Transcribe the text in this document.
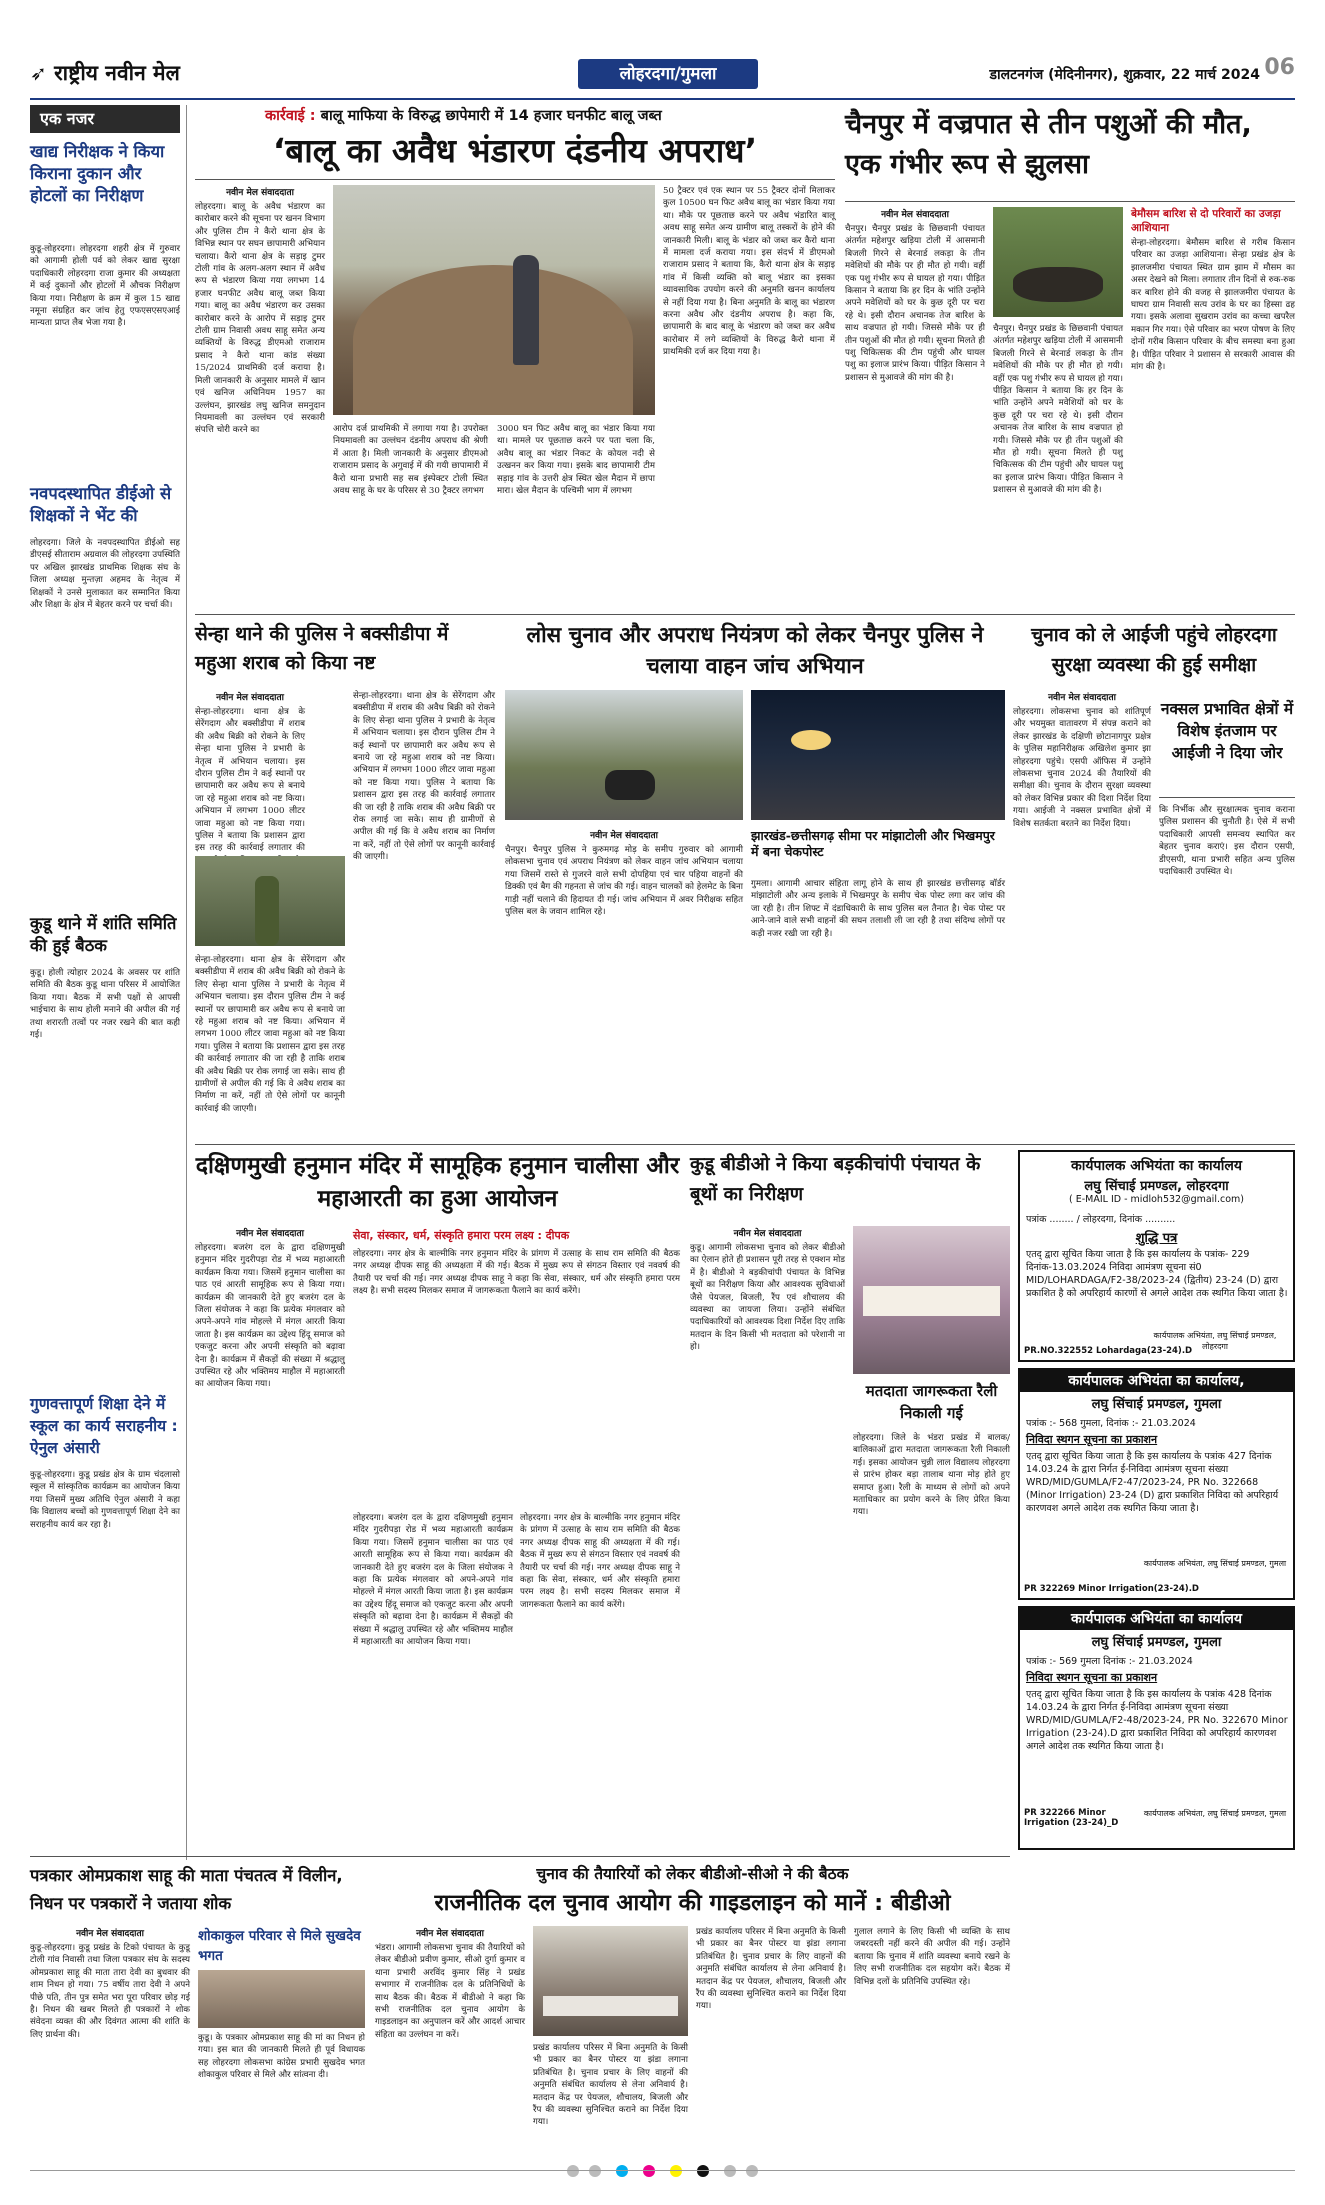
➶ राष्ट्रीय नवीन मेल	लोहरदगा/गुमला	डालटनगंज (मेदिनीनगर), शुक्रवार, 22 मार्च 2024 06
एक नजर
खाद्य निरीक्षक ने किया किराना दुकान और होटलों का निरीक्षण
कुडू-लोहरदगा। लोहरदगा शहरी क्षेत्र में गुरुवार को आगामी होली पर्व को लेकर खाद्य सुरक्षा पदाधिकारी लोहरदगा राजा कुमार की अध्यक्षता में कई दुकानों और होटलों में औचक निरीक्षण किया गया। निरीक्षण के क्रम में कुल 15 खाद्य नमूना संग्रहित कर जांच हेतु एफएसएसएआई मान्यता प्राप्त लैब भेजा गया है।
नवपदस्थापित डीईओ से शिक्षकों ने भेंट की
लोहरदगा। जिले के नवपदस्थापित डीईओ सह डीएसई सीताराम अग्रवाल की लोहरदगा उपस्थिति पर अखिल झारखंड प्राथमिक शिक्षक संघ के जिला अध्यक्ष मुन्तज़ा अहमद के नेतृत्व में शिक्षकों ने उनसे मुलाकात कर सम्मानित किया और शिक्षा के क्षेत्र में बेहतर करने पर चर्चा की।
कुडू थाने में शांति समिति की हुई बैठक
कुडू। होली त्योहार 2024 के अवसर पर शांति समिति की बैठक कुडू थाना परिसर में आयोजित किया गया। बैठक में सभी पक्षों से आपसी भाईचारा के साथ होली मनाने की अपील की गई तथा शरारती तत्वों पर नजर रखने की बात कही गई।
गुणवत्तापूर्ण शिक्षा देने में स्कूल का कार्य सराहनीय : ऐनुल अंसारी
कुडू-लोहरदगा। कुडू प्रखंड क्षेत्र के ग्राम चंदलासो स्कूल में सांस्कृतिक कार्यक्रम का आयोजन किया गया जिसमें मुख्य अतिथि ऐनुल अंसारी ने कहा कि विद्यालय बच्चों को गुणवत्तापूर्ण शिक्षा देने का सराहनीय कार्य कर रहा है।
कार्रवाई : बालू माफिया के विरुद्ध छापेमारी में 14 हजार घनफीट बालू जब्त
‘बालू का अवैध भंडारण दंडनीय अपराध’
नवीन मेल संवाददाता
लोहरदगा। बालू के अवैध भंडारण का कारोबार करने की सूचना पर खनन विभाग और पुलिस टीम ने कैरो थाना क्षेत्र के विभिन्न स्थान पर सघन छापामारी अभियान चलाया। कैरो थाना क्षेत्र के सड़ाइ टुमर टोली गांव के अलग-अलग स्थान में अवैध रूप से भंडारण किया गया लगभग 14 हजार घनफीट अवैध बालू जब्त किया गया। बालू का अवैध भंडारण कर उसका कारोबार करने के आरोप में सड़ाइ टुमर टोली ग्राम निवासी अवध साहू समेत अन्य व्यक्तियों के विरुद्ध डीएमओ राजाराम प्रसाद ने कैरो थाना कांड संख्या 15/2024 प्राथमिकी दर्ज कराया है। मिली जानकारी के अनुसार मामले में खान एवं खनिज अधिनियम 1957 का उल्लंघन, झारखंड लघु खनिज समनुदान नियमावली का उल्लंघन एवं सरकारी संपत्ति चोरी करने का	आरोप दर्ज प्राथमिकी में लगाया गया है। उपरोक्त नियमावली का उल्लंघन दंडनीय अपराध की श्रेणी में आता है। मिली जानकारी के अनुसार डीएमओ राजाराम प्रसाद के अगुवाई में की गयी छापामारी में कैरो थाना प्रभारी सह सब इंस्पेक्टर टोली स्थित अवध साहू के घर के परिसर से 30 ट्रैक्टर लगभग
3000 घन फिट अवैध बालू का भंडार किया गया था। मामले पर पूछताछ करने पर पता चला कि, अवैध बालू का भंडार निकट के कोयल नदी से उत्खनन कर किया गया। इसके बाद छापामारी टीम सड़ाइ गांव के उत्तरी क्षेत्र स्थित खेल मैदान में छापा मारा। खेल मैदान के पश्चिमी भाग में लगभग
50 ट्रैक्टर एवं एक स्थान पर 55 ट्रैक्टर दोनों मिलाकर कुल 10500 घन फिट अवैध बालू का भंडार किया गया था। मौके पर पूछताछ करने पर अवैध भंडारित बालू अवध साहू समेत अन्य ग्रामीण बालू तस्करों के होने की जानकारी मिली। बालू के भंडार को जब्त कर कैरो थाना में मामला दर्ज कराया गया। इस संदर्भ में डीएमओ राजाराम प्रसाद ने बताया कि, कैरो थाना क्षेत्र के सड़ाइ गांव में किसी व्यक्ति को बालू भंडार का इसका व्यावसायिक उपयोग करने की अनुमति खनन कार्यालय से नहीं दिया गया है। बिना अनुमति के बालू का भंडारण करना अवैध और दंडनीय अपराध है। कहा कि, छापामारी के बाद बालू के भंडारण को जब्त कर अवैध कारोबार में लगे व्यक्तियों के विरुद्ध कैरो थाना में प्राथमिकी दर्ज कर दिया गया है।
चैनपुर में वज्रपात से तीन पशुओं की मौत, एक गंभीर रूप से झुलसा
नवीन मेल संवाददाता
चैनपुर। चैनपुर प्रखंड के छिछवानी पंचायत अंतर्गत महेशपुर खड़िया टोली में आसमानी बिजली गिरने से बेरनार्ड लकड़ा के तीन मवेशियों की मौके पर ही मौत हो गयी। वहीं एक पशु गंभीर रूप से घायल हो गया। पीड़ित किसान ने बताया कि हर दिन के भांति उन्होंने अपने मवेशियों को घर के कुछ दूरी पर चरा रहे थे। इसी दौरान अचानक तेज बारिश के साथ वज्रपात हो गयी। जिससे मौके पर ही तीन पशुओं की मौत हो गयी। सूचना मिलते ही पशु चिकित्सक की टीम पहुंची और घायल पशु का इलाज प्रारंभ किया। पीड़ित किसान ने प्रशासन से मुआवजे की मांग की है।
चैनपुर। चैनपुर प्रखंड के छिछवानी पंचायत अंतर्गत महेशपुर खड़िया टोली में आसमानी बिजली गिरने से बेरनार्ड लकड़ा के तीन मवेशियों की मौके पर ही मौत हो गयी। वहीं एक पशु गंभीर रूप से घायल हो गया। पीड़ित किसान ने बताया कि हर दिन के भांति उन्होंने अपने मवेशियों को घर के कुछ दूरी पर चरा रहे थे। इसी दौरान अचानक तेज बारिश के साथ वज्रपात हो गयी। जिससे मौके पर ही तीन पशुओं की मौत हो गयी। सूचना मिलते ही पशु चिकित्सक की टीम पहुंची और घायल पशु का इलाज प्रारंभ किया। पीड़ित किसान ने प्रशासन से मुआवजे की मांग की है।
बेमौसम बारिश से दो परिवारों का उजड़ा आशियाना
सेन्हा-लोहरदगा। बेमौसम बारिश से गरीब किसान परिवार का उजड़ा आशियाना। सेन्हा प्रखंड क्षेत्र के झालजमीरा पंचायत स्थित ग्राम झाम में मौसम का असर देखने को मिला। लगातार तीन दिनों से रुक-रुक कर बारिश होने की वजह से झालजमीरा पंचायत के घाघरा ग्राम निवासी सत्य उरांव के घर का हिस्सा ढह गया। इसके अलावा सुखराम उरांव का कच्चा खपरैल मकान गिर गया। ऐसे परिवार का भरण पोषण के लिए दोनों गरीब किसान परिवार के बीच समस्या बना हुआ है। पीड़ित परिवार ने प्रशासन से सरकारी आवास की मांग की है।
सेन्हा थाने की पुलिस ने बक्सीडीपा में महुआ शराब को किया नष्ट
नवीन मेल संवाददाता
सेन्हा-लोहरदगा। थाना क्षेत्र के सेरेंगदाग और बक्सीडीपा में शराब की अवैध बिक्री को रोकने के लिए सेन्हा थाना पुलिस ने प्रभारी के नेतृत्व में अभियान चलाया। इस दौरान पुलिस टीम ने कई स्थानों पर छापामारी कर अवैध रूप से बनाये जा रहे महुआ शराब को नष्ट किया। अभियान में लगभग 1000 लीटर जावा महुआ को नष्ट किया गया। पुलिस ने बताया कि प्रशासन द्वारा इस तरह की कार्रवाई लगातार की
सेन्हा-लोहरदगा। थाना क्षेत्र के सेरेंगदाग और बक्सीडीपा में शराब की अवैध बिक्री को रोकने के लिए सेन्हा थाना पुलिस ने प्रभारी के नेतृत्व में अभियान चलाया। इस दौरान पुलिस टीम ने कई स्थानों पर छापामारी कर अवैध रूप से बनाये जा रहे महुआ शराब को नष्ट किया। अभियान में लगभग 1000 लीटर जावा महुआ को नष्ट किया गया। पुलिस ने बताया कि प्रशासन द्वारा इस तरह की कार्रवाई लगातार की जा रही है ताकि शराब की अवैध बिक्री पर रोक लगाई जा सके। साथ ही ग्रामीणों से अपील की गई कि वे अवैध शराब का निर्माण ना करें, नहीं तो ऐसे लोगों पर कानूनी कार्रवाई की जाएगी।
सेन्हा-लोहरदगा। थाना क्षेत्र के सेरेंगदाग और बक्सीडीपा में शराब की अवैध बिक्री को रोकने के लिए सेन्हा थाना पुलिस ने प्रभारी के नेतृत्व में अभियान चलाया। इस दौरान पुलिस टीम ने कई स्थानों पर छापामारी कर अवैध रूप से बनाये जा रहे महुआ शराब को नष्ट किया। अभियान में लगभग 1000 लीटर जावा महुआ को नष्ट किया गया। पुलिस ने बताया कि प्रशासन द्वारा इस तरह की कार्रवाई लगातार की जा रही है ताकि शराब की अवैध बिक्री पर रोक लगाई जा सके। साथ ही ग्रामीणों से अपील की गई कि वे अवैध शराब का निर्माण ना करें, नहीं तो ऐसे लोगों पर कानूनी कार्रवाई की जाएगी।
लोस चुनाव और अपराध नियंत्रण को लेकर चैनपुर पुलिस ने चलाया वाहन जांच अभियान
नवीन मेल संवाददाता
चैनपुर। चैनपुर पुलिस ने कुरुमगढ़ मोड़ के समीप गुरुवार को आगामी लोकसभा चुनाव एवं अपराध नियंत्रण को लेकर वाहन जांच अभियान चलाया गया जिसमें रास्ते से गुजरने वाले सभी दोपहिया एवं चार पहिया वाहनों की डिक्की एवं बैग की गहनता से जांच की गई। वाहन चालकों को हेलमेट के बिना गाड़ी नहीं चलाने की हिदायत दी गई। जांच अभियान में अवर निरीक्षक सहित पुलिस बल के जवान शामिल रहे।
झारखंड-छत्तीसगढ़ सीमा पर मांझाटोली और भिखमपुर में बना चेकपोस्ट
गुमला। आगामी आचार संहिता लागू होने के साथ ही झारखंड छत्तीसगढ़ बॉर्डर मांझाटोली और अन्य इलाके में भिखमपुर के समीप चेक पोस्ट लगा कर जांच की जा रही है। तीन शिफ्ट में दंडाधिकारी के साथ पुलिस बल तैनात है। चेक पोस्ट पर आने-जाने वाले सभी वाहनों की सघन तलाशी ली जा रही है तथा संदिग्ध लोगों पर कड़ी नजर रखी जा रही है।
चुनाव को ले आईजी पहुंचे लोहरदगा सुरक्षा व्यवस्था की हुई समीक्षा
नवीन मेल संवाददाता
लोहरदगा। लोकसभा चुनाव को शांतिपूर्ण और भयमुक्त वातावरण में संपन्न कराने को लेकर झारखंड के दक्षिणी छोटानागपुर प्रक्षेत्र के पुलिस महानिरीक्षक अखिलेश कुमार झा लोहरदगा पहुंचे। एसपी ऑफिस में उन्होंने लोकसभा चुनाव 2024 की तैयारियों की समीक्षा की। चुनाव के दौरान सुरक्षा व्यवस्था को लेकर विभिन्न प्रकार की दिशा निर्देश दिया गया। आईजी ने नक्सल प्रभावित क्षेत्रों में विशेष सतर्कता बरतने का निर्देश दिया।
नक्सल प्रभावित क्षेत्रों में विशेष इंतजाम पर आईजी ने दिया जोर
कि निर्भीक और सुरक्षात्मक चुनाव कराना पुलिस प्रशासन की चुनौती है। ऐसे में सभी पदाधिकारी आपसी समन्वय स्थापित कर बेहतर चुनाव कराएं। इस दौरान एसपी, डीएसपी, थाना प्रभारी सहित अन्य पुलिस पदाधिकारी उपस्थित थे।
दक्षिणमुखी हनुमान मंदिर में सामूहिक हनुमान चालीसा और महाआरती का हुआ आयोजन
नवीन मेल संवाददाता
लोहरदगा। बजरंग दल के द्वारा दक्षिणमुखी हनुमान मंदिर गुदरीपड़ा रोड में भव्य महाआरती कार्यक्रम किया गया। जिसमें हनुमान चालीसा का पाठ एवं आरती सामूहिक रूप से किया गया। कार्यक्रम की जानकारी देते हुए बजरंग दल के जिला संयोजक ने कहा कि प्रत्येक मंगलवार को अपने-अपने गांव मोहल्ले में मंगल आरती किया जाता है। इस कार्यक्रम का उद्देश्य हिंदू समाज को एकजुट करना और अपनी संस्कृति को बढ़ावा देना है। कार्यक्रम में सैकड़ों की संख्या में श्रद्धालु उपस्थित रहे और भक्तिमय माहौल में महाआरती का आयोजन किया गया।
सेवा, संस्कार, धर्म, संस्कृति हमारा परम लक्ष्य : दीपक
लोहरदगा। नगर क्षेत्र के बाल्मीकि नगर हनुमान मंदिर के प्रांगण में उत्साह के साथ राम समिति की बैठक नगर अध्यक्ष दीपक साहू की अध्यक्षता में की गई। बैठक में मुख्य रूप से संगठन विस्तार एवं नववर्ष की तैयारी पर चर्चा की गई। नगर अध्यक्ष दीपक साहू ने कहा कि सेवा, संस्कार, धर्म और संस्कृति हमारा परम लक्ष्य है। सभी सदस्य मिलकर समाज में जागरूकता फैलाने का कार्य करेंगे।
लोहरदगा। बजरंग दल के द्वारा दक्षिणमुखी हनुमान मंदिर गुदरीपड़ा रोड में भव्य महाआरती कार्यक्रम किया गया। जिसमें हनुमान चालीसा का पाठ एवं आरती सामूहिक रूप से किया गया। कार्यक्रम की जानकारी देते हुए बजरंग दल के जिला संयोजक ने कहा कि प्रत्येक मंगलवार को अपने-अपने गांव मोहल्ले में मंगल आरती किया जाता है। इस कार्यक्रम का उद्देश्य हिंदू समाज को एकजुट करना और अपनी संस्कृति को बढ़ावा देना है। कार्यक्रम में सैकड़ों की संख्या में श्रद्धालु उपस्थित रहे और भक्तिमय माहौल में महाआरती का आयोजन किया गया।
लोहरदगा। नगर क्षेत्र के बाल्मीकि नगर हनुमान मंदिर के प्रांगण में उत्साह के साथ राम समिति की बैठक नगर अध्यक्ष दीपक साहू की अध्यक्षता में की गई। बैठक में मुख्य रूप से संगठन विस्तार एवं नववर्ष की तैयारी पर चर्चा की गई। नगर अध्यक्ष दीपक साहू ने कहा कि सेवा, संस्कार, धर्म और संस्कृति हमारा परम लक्ष्य है। सभी सदस्य मिलकर समाज में जागरूकता फैलाने का कार्य करेंगे।
कुडू बीडीओ ने किया बड़कीचांपी पंचायत के बूथों का निरीक्षण
नवीन मेल संवाददाता
कुडू। आगामी लोकसभा चुनाव को लेकर बीडीओ का ऐलान होते ही प्रशासन पूरी तरह से एक्शन मोड में है। बीडीओ ने बड़कीचांपी पंचायत के विभिन्न बूथों का निरीक्षण किया और आवश्यक सुविधाओं जैसे पेयजल, बिजली, रैंप एवं शौचालय की व्यवस्था का जायजा लिया। उन्होंने संबंधित पदाधिकारियों को आवश्यक दिशा निर्देश दिए ताकि मतदान के दिन किसी भी मतदाता को परेशानी ना हो।
मतदाता जागरूकता रैली निकाली गई
लोहरदगा। जिले के भंडरा प्रखंड में बालक/बालिकाओं द्वारा मतदाता जागरूकता रैली निकाली गई। इसका आयोजन चुन्नी लाल विद्यालय लोहरदगा से प्रारंभ होकर बड़ा तालाब थाना मोड़ होते हुए समाप्त हुआ। रैली के माध्यम से लोगों को अपने मताधिकार का प्रयोग करने के लिए प्रेरित किया गया।
कार्यपालक अभियंता का कार्यालय
लघु सिंचाई प्रमण्डल, लोहरदगा
( E-MAIL ID - midloh532@gmail.com)
पत्रांक ........ / लोहरदगा, दिनांक ..........
शुद्धि पत्र
एतद् द्वारा सूचित किया जाता है कि इस कार्यालय के पत्रांक- 229 दिनांक-13.03.2024 निविदा आमंत्रण सूचना सं0 MID/LOHARDAGA/F2-38/2023-24 (द्वितीय) 23-24 (D) द्वारा प्रकाशित है को अपरिहार्य कारणों से अगले आदेश तक स्थगित किया जाता है।
कार्यपालक अभियंता, लघु सिंचाई प्रमण्डल, लोहरदगा
PR.NO.322552 Lohardaga(23-24).D
कार्यपालक अभियंता का कार्यालय,
लघु सिंचाई प्रमण्डल, गुमला
पत्रांक :- 568 गुमला, दिनांक :- 21.03.2024
निविदा स्थगन सूचना का प्रकाशन
एतद् द्वारा सूचित किया जाता है कि इस कार्यालय के पत्रांक 427 दिनांक 14.03.24 के द्वारा निर्गत ई-निविदा आमंत्रण सूचना संख्या WRD/MID/GUMLA/F2-47/2023-24, PR No. 322668 (Minor Irrigation) 23-24 (D) द्वारा प्रकाशित निविदा को अपरिहार्य कारणवश अगले आदेश तक स्थगित किया जाता है।
कार्यपालक अभियंता, लघु सिंचाई प्रमण्डल, गुमला
PR 322269 Minor Irrigation(23-24).D
कार्यपालक अभियंता का कार्यालय
लघु सिंचाई प्रमण्डल, गुमला
पत्रांक :- 569 गुमला दिनांक :- 21.03.2024
निविदा स्थगन सूचना का प्रकाशन
एतद् द्वारा सूचित किया जाता है कि इस कार्यालय के पत्रांक 428 दिनांक 14.03.24 के द्वारा निर्गत ई-निविदा आमंत्रण सूचना संख्या WRD/MID/GUMLA/F2-48/2023-24, PR No. 322670 Minor Irrigation (23-24).D द्वारा प्रकाशित निविदा को अपरिहार्य कारणवश अगले आदेश तक स्थगित किया जाता है।
PR 322266 Minor Irrigation (23-24)_D
कार्यपालक अभियंता, लघु सिंचाई प्रमण्डल, गुमला
पत्रकार ओमप्रकाश साहू की माता पंचतत्व में विलीन, निधन पर पत्रकारों ने जताया शोक
नवीन मेल संवाददाता
कुडू-लोहरदगा। कुडू प्रखंड के टिको पंचायत के कुडू टोली गांव निवासी तथा जिला पत्रकार संघ के सदस्य ओमप्रकाश साहू की माता तारा देवी का बुधवार की शाम निधन हो गया। 75 वर्षीय तारा देवी ने अपने पीछे पति, तीन पुत्र समेत भरा पूरा परिवार छोड़ गई है। निधन की खबर मिलते ही पत्रकारों ने शोक संवेदना व्यक्त की और दिवंगत आत्मा की शांति के लिए प्रार्थना की।
शोकाकुल परिवार से मिले सुखदेव भगत
कुडू। के पत्रकार ओमप्रकाश साहू की मां का निधन हो गया। इस बात की जानकारी मिलते ही पूर्व विधायक सह लोहरदगा लोकसभा कांग्रेस प्रभारी सुखदेव भगत शोकाकुल परिवार से मिले और सांत्वना दी।
चुनाव की तैयारियों को लेकर बीडीओ-सीओ ने की बैठक
राजनीतिक दल चुनाव आयोग की गाइडलाइन को मानें : बीडीओ
नवीन मेल संवाददाता
भंडरा। आगामी लोकसभा चुनाव की तैयारियों को लेकर बीडीओ प्रवीण कुमार, सीओ दुर्गा कुमार व थाना प्रभारी अरविंद कुमार सिंह ने प्रखंड सभागार में राजनीतिक दल के प्रतिनिधियों के साथ बैठक की। बैठक में बीडीओ ने कहा कि सभी राजनीतिक दल चुनाव आयोग के गाइडलाइन का अनुपालन करें और आदर्श आचार संहिता का उल्लंघन ना करें।
प्रखंड कार्यालय परिसर में बिना अनुमति के किसी भी प्रकार का बैनर पोस्टर या झंडा लगाना प्रतिबंधित है। चुनाव प्रचार के लिए वाहनों की अनुमति संबंधित कार्यालय से लेना अनिवार्य है। मतदान केंद्र पर पेयजल, शौचालय, बिजली और रैंप की व्यवस्था सुनिश्चित कराने का निर्देश दिया गया।
प्रखंड कार्यालय परिसर में बिना अनुमति के किसी भी प्रकार का बैनर पोस्टर या झंडा लगाना प्रतिबंधित है। चुनाव प्रचार के लिए वाहनों की अनुमति संबंधित कार्यालय से लेना अनिवार्य है। मतदान केंद्र पर पेयजल, शौचालय, बिजली और रैंप की व्यवस्था सुनिश्चित कराने का निर्देश दिया गया।
गुलाल लगाने के लिए किसी भी व्यक्ति के साथ जबरदस्ती नहीं करने की अपील की गई। उन्होंने बताया कि चुनाव में शांति व्यवस्था बनाये रखने के लिए सभी राजनीतिक दल सहयोग करें। बैठक में विभिन्न दलों के प्रतिनिधि उपस्थित रहे।
